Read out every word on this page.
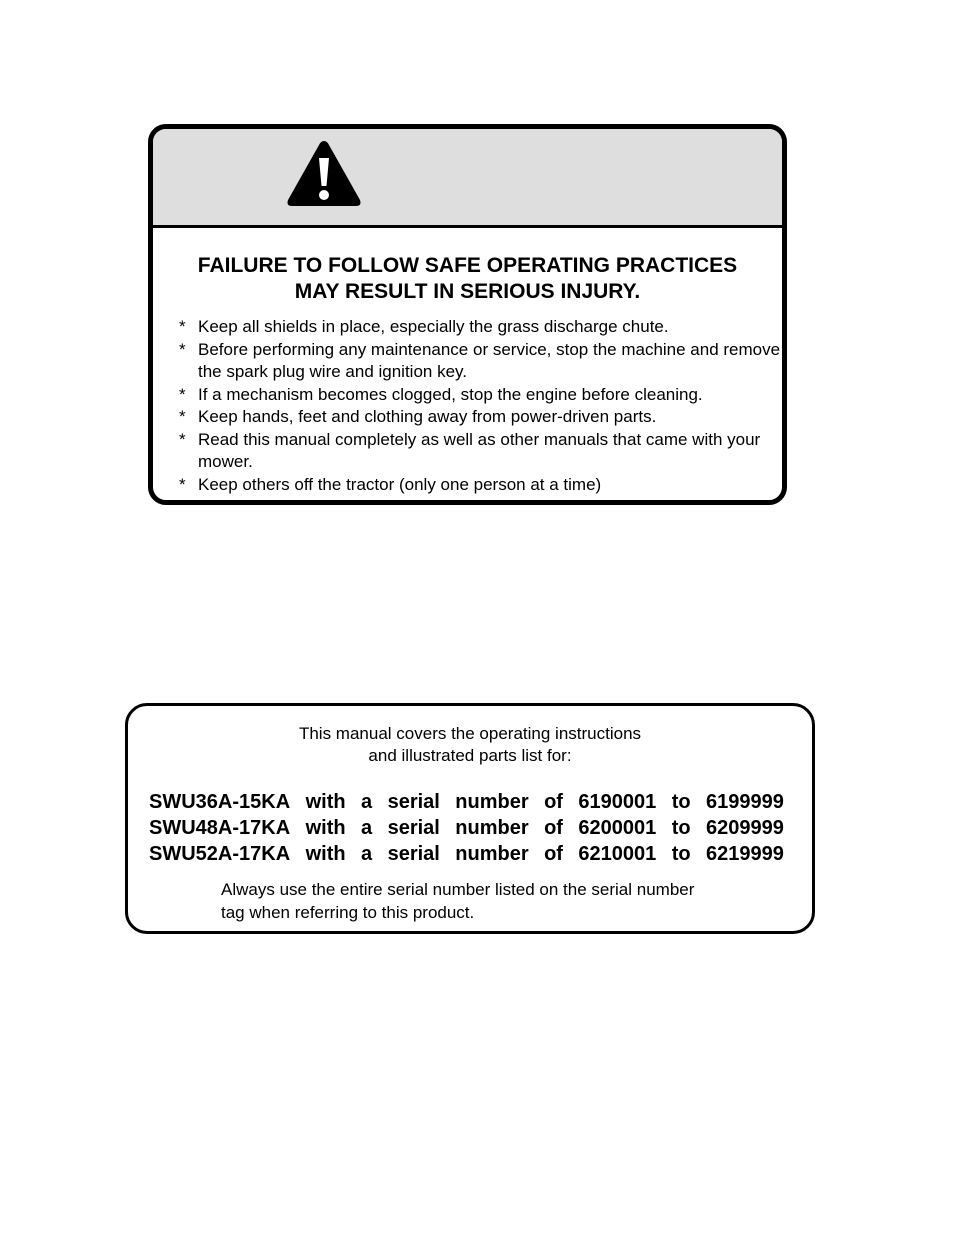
FAILURE TO FOLLOW SAFE OPERATING PRACTICES
MAY RESULT IN SERIOUS INJURY.
* Keep all shields in place, especially the grass discharge chute.
* Before performing any maintenance or service, stop the machine and remove the spark plug wire and ignition key.
* If a mechanism becomes clogged, stop the engine before cleaning.
* Keep hands, feet and clothing away from power-driven parts.
* Read this manual completely as well as other manuals that came with your mower.
* Keep others off the tractor (only one person at a time)
This manual covers the operating instructions
and illustrated parts list for:
SWU36A-15KA with a serial number of 6190001 to 6199999
SWU48A-17KA with a serial number of 6200001 to 6209999
SWU52A-17KA with a serial number of 6210001 to 6219999
Always use the entire serial number listed on the serial number
tag when referring to this product.
